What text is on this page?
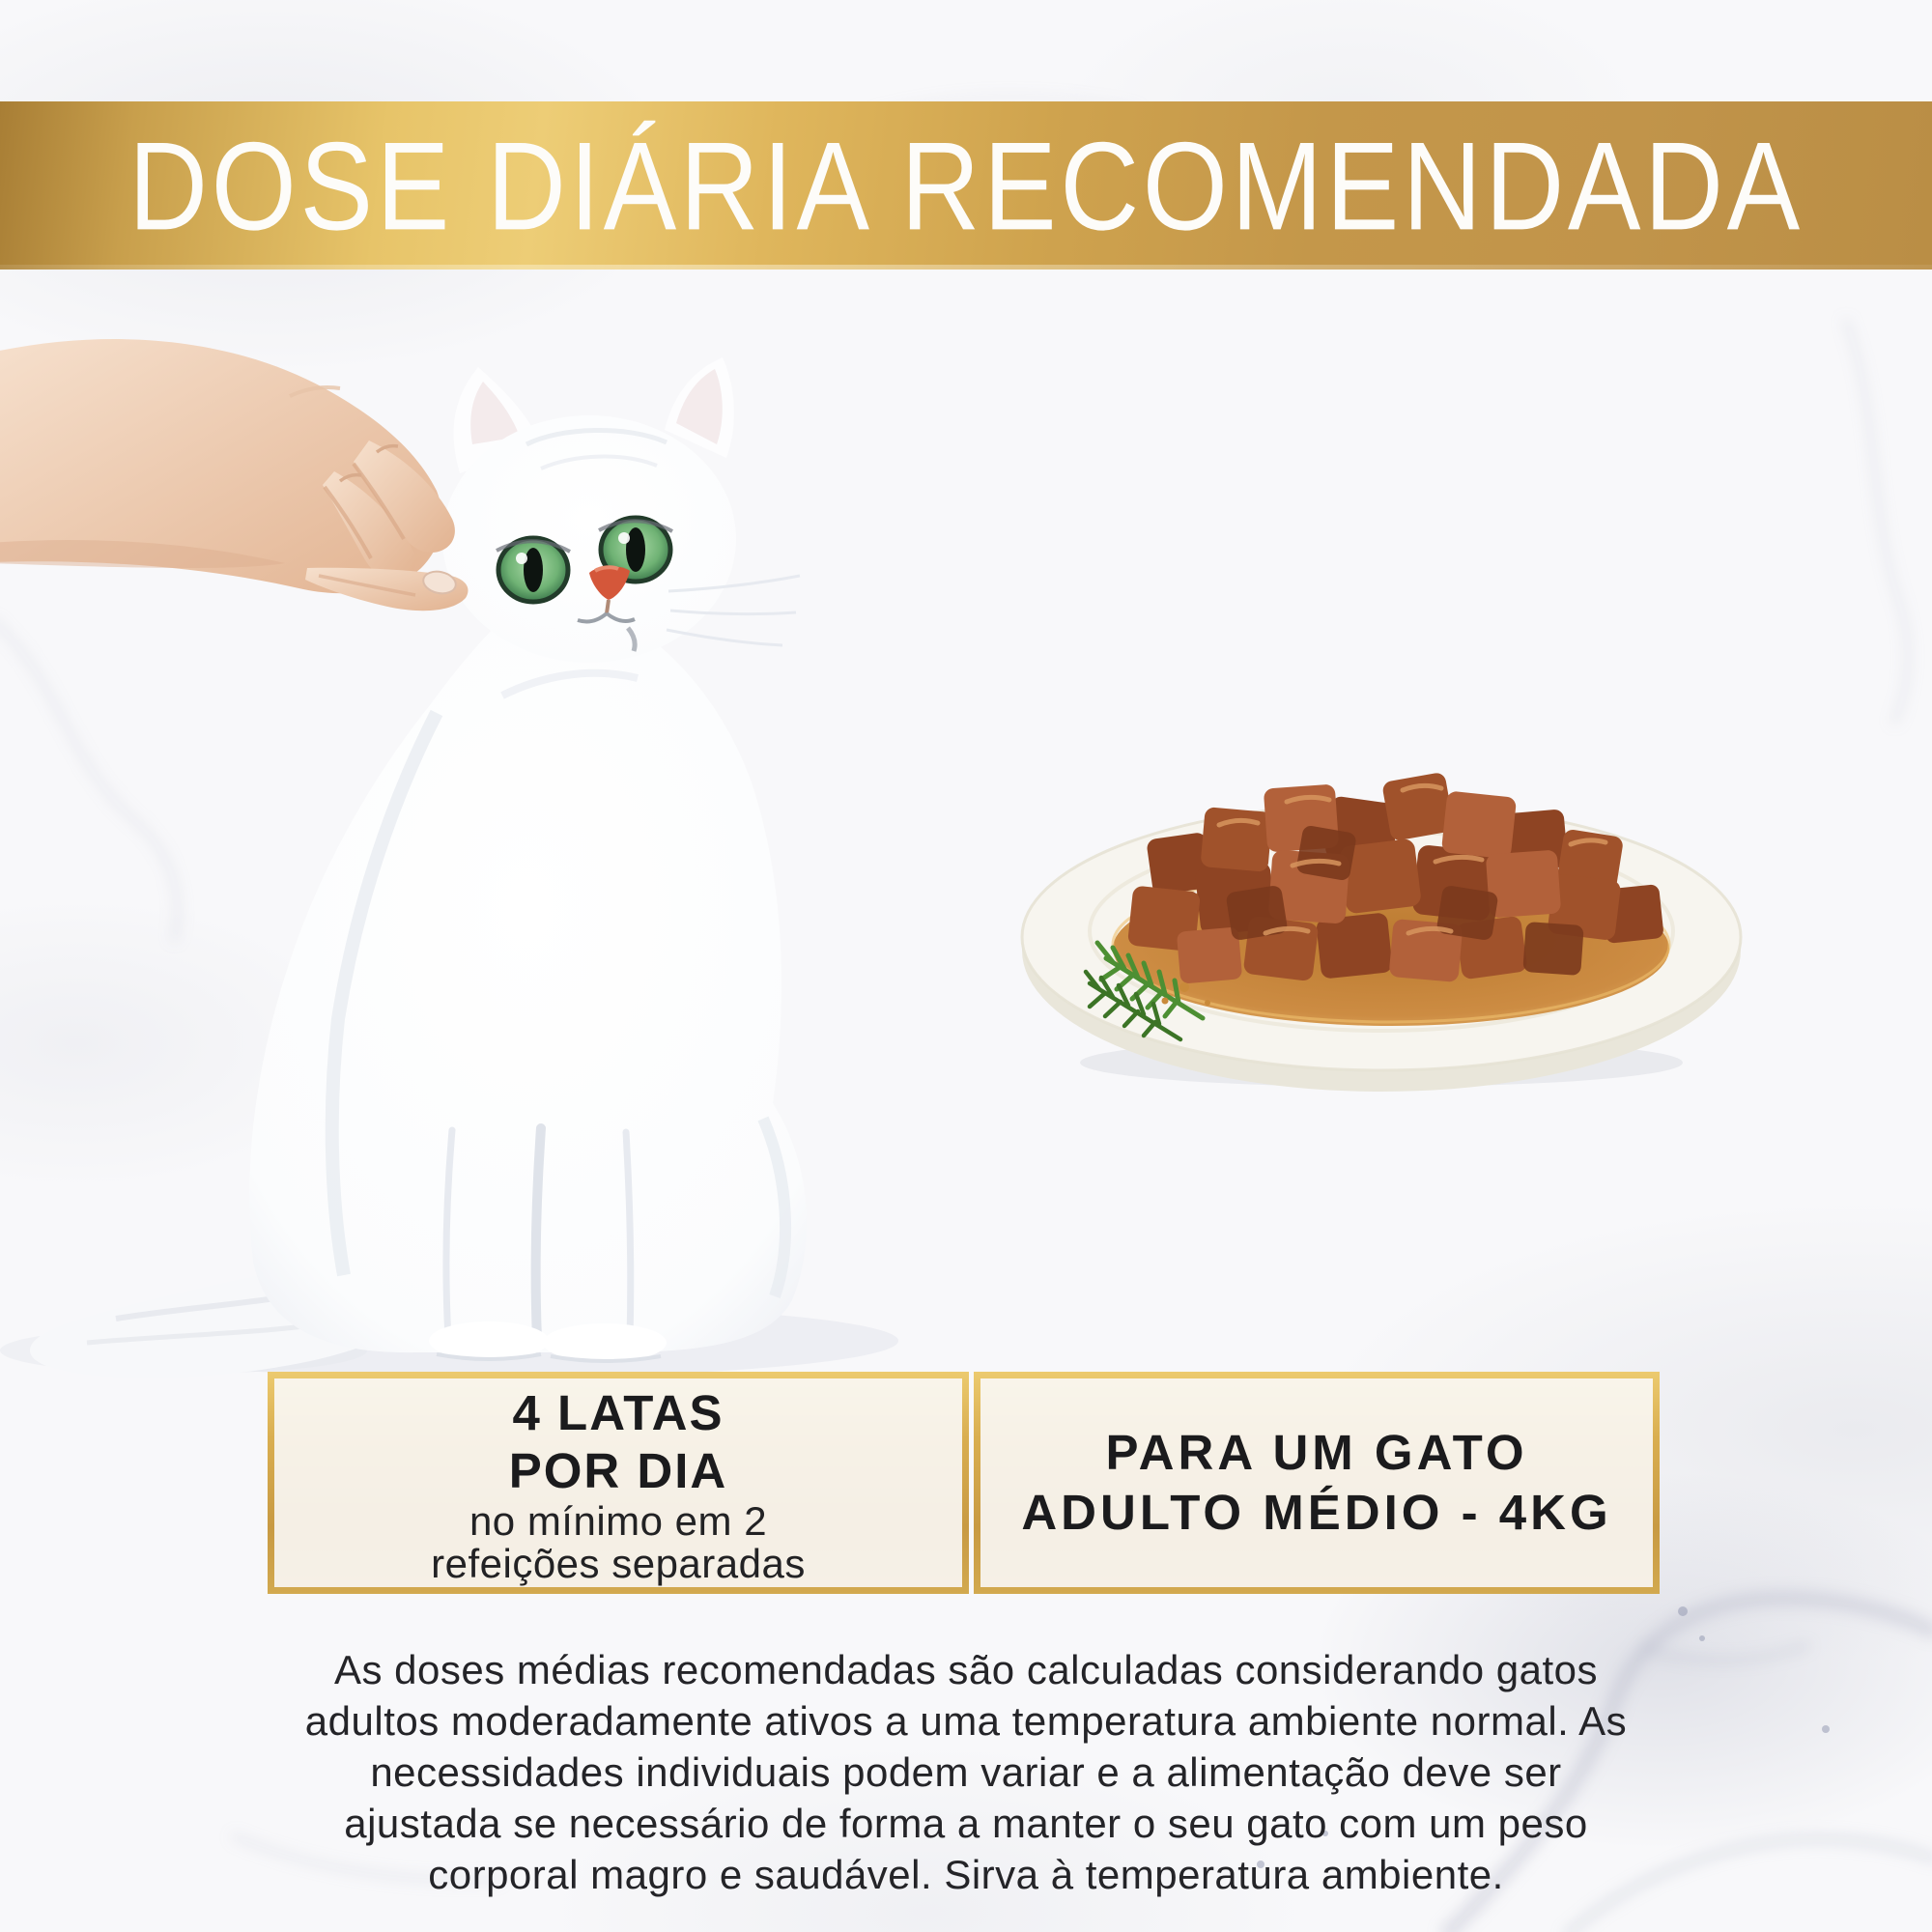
DOSE DIÁRIA RECOMENDADA
4 LATAS
POR DIA
no mínimo em 2
refeições separadas
PARA UM GATO
ADULTO MÉDIO - 4KG
As doses médias recomendadas são calculadas considerando gatos
adultos moderadamente ativos a uma temperatura ambiente normal. As
necessidades individuais podem variar e a alimentação deve ser
ajustada se necessário de forma a manter o seu gato com um peso
corporal magro e saudável. Sirva à temperatura ambiente.
